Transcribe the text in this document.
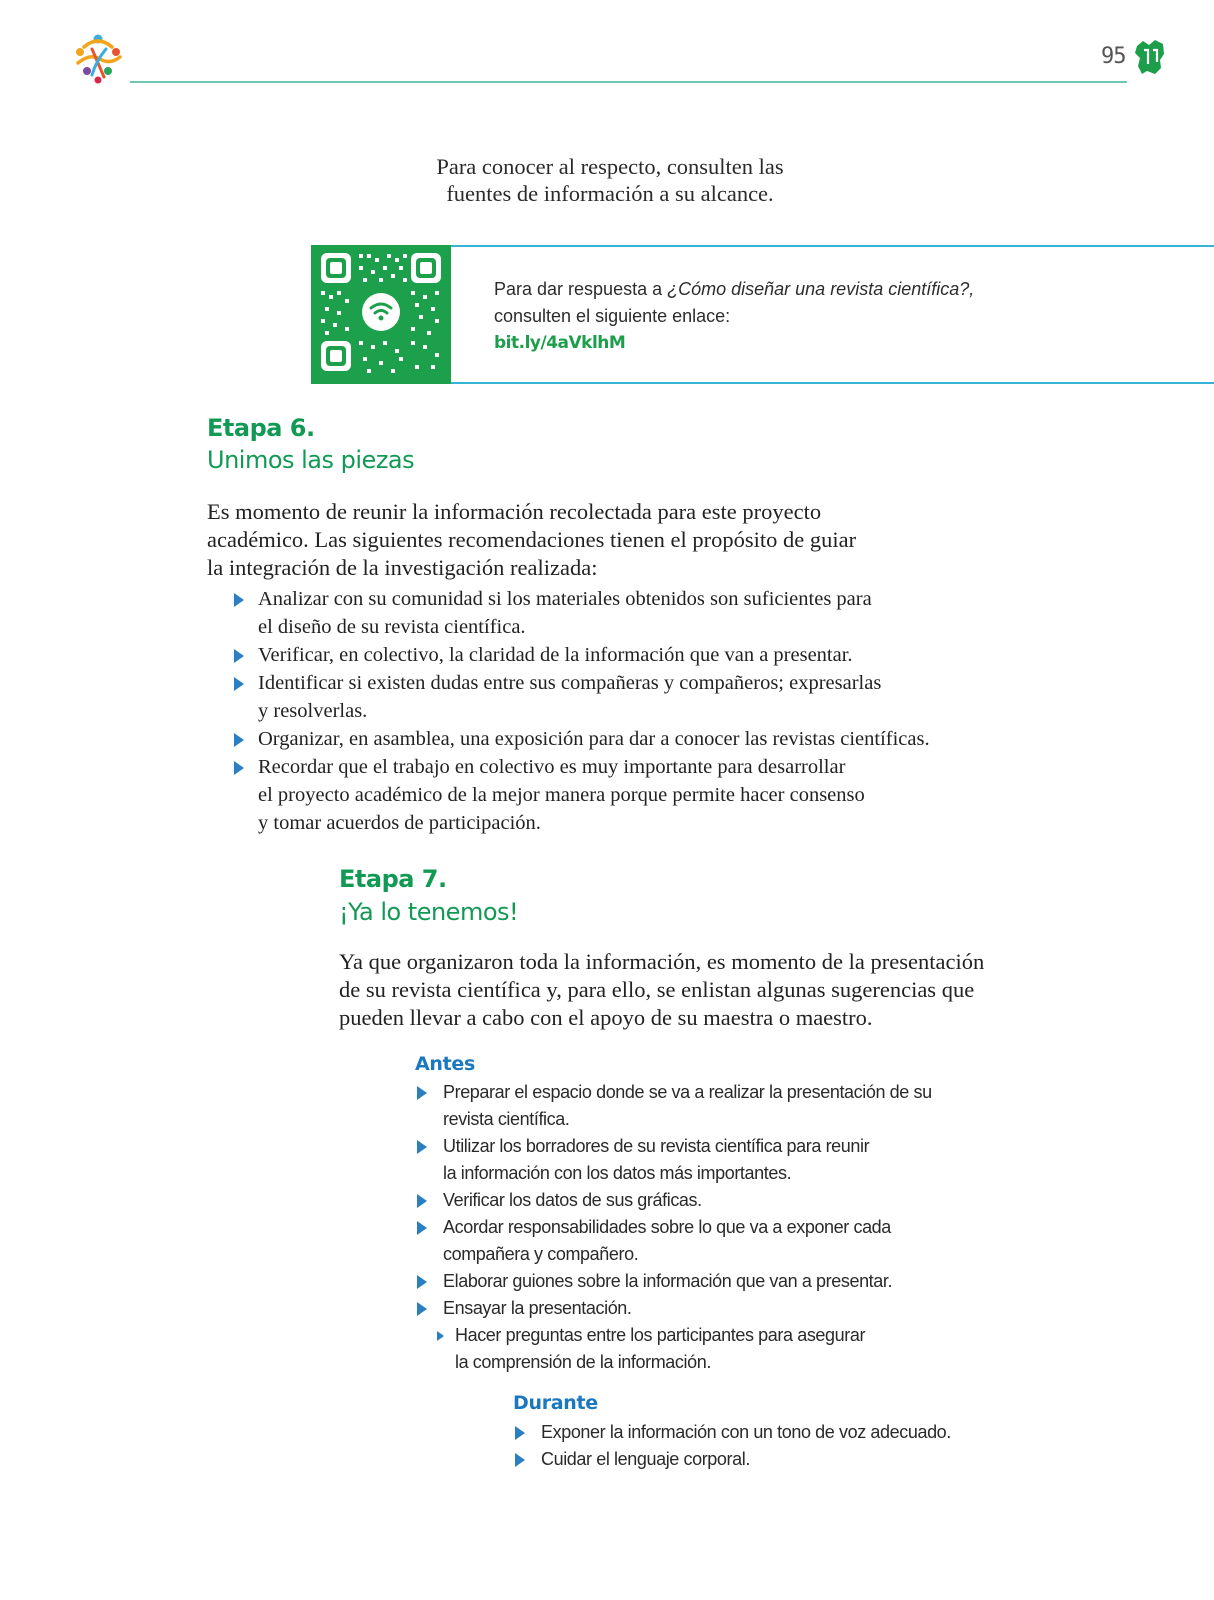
95
Para conocer al respecto, consulten las
fuentes de información a su alcance.
Para dar respuesta a ¿Cómo diseñar una revista científica?,
consulten el siguiente enlace:
bit.ly/4aVklhM
Etapa 6.
Unimos las piezas
Es momento de reunir la información recolectada para este proyecto
académico. Las siguientes recomendaciones tienen el propósito de guiar
la integración de la investigación realizada:
Analizar con su comunidad si los materiales obtenidos son suficientes para
el diseño de su revista científica.
Verificar, en colectivo, la claridad de la información que van a presentar.
Identificar si existen dudas entre sus compañeras y compañeros; expresarlas
y resolverlas.
Organizar, en asamblea, una exposición para dar a conocer las revistas científicas.
Recordar que el trabajo en colectivo es muy importante para desarrollar
el proyecto académico de la mejor manera porque permite hacer consenso
y tomar acuerdos de participación.
Etapa 7.
¡Ya lo tenemos!
Ya que organizaron toda la información, es momento de la presentación
de su revista científica y, para ello, se enlistan algunas sugerencias que
pueden llevar a cabo con el apoyo de su maestra o maestro.
Antes
Preparar el espacio donde se va a realizar la presentación de su
revista científica.
Utilizar los borradores de su revista científica para reunir
la información con los datos más importantes.
Verificar los datos de sus gráficas.
Acordar responsabilidades sobre lo que va a exponer cada
compañera y compañero.
Elaborar guiones sobre la información que van a presentar.
Ensayar la presentación.
Hacer preguntas entre los participantes para asegurar
la comprensión de la información.
Durante
Exponer la información con un tono de voz adecuado.
Cuidar el lenguaje corporal.
